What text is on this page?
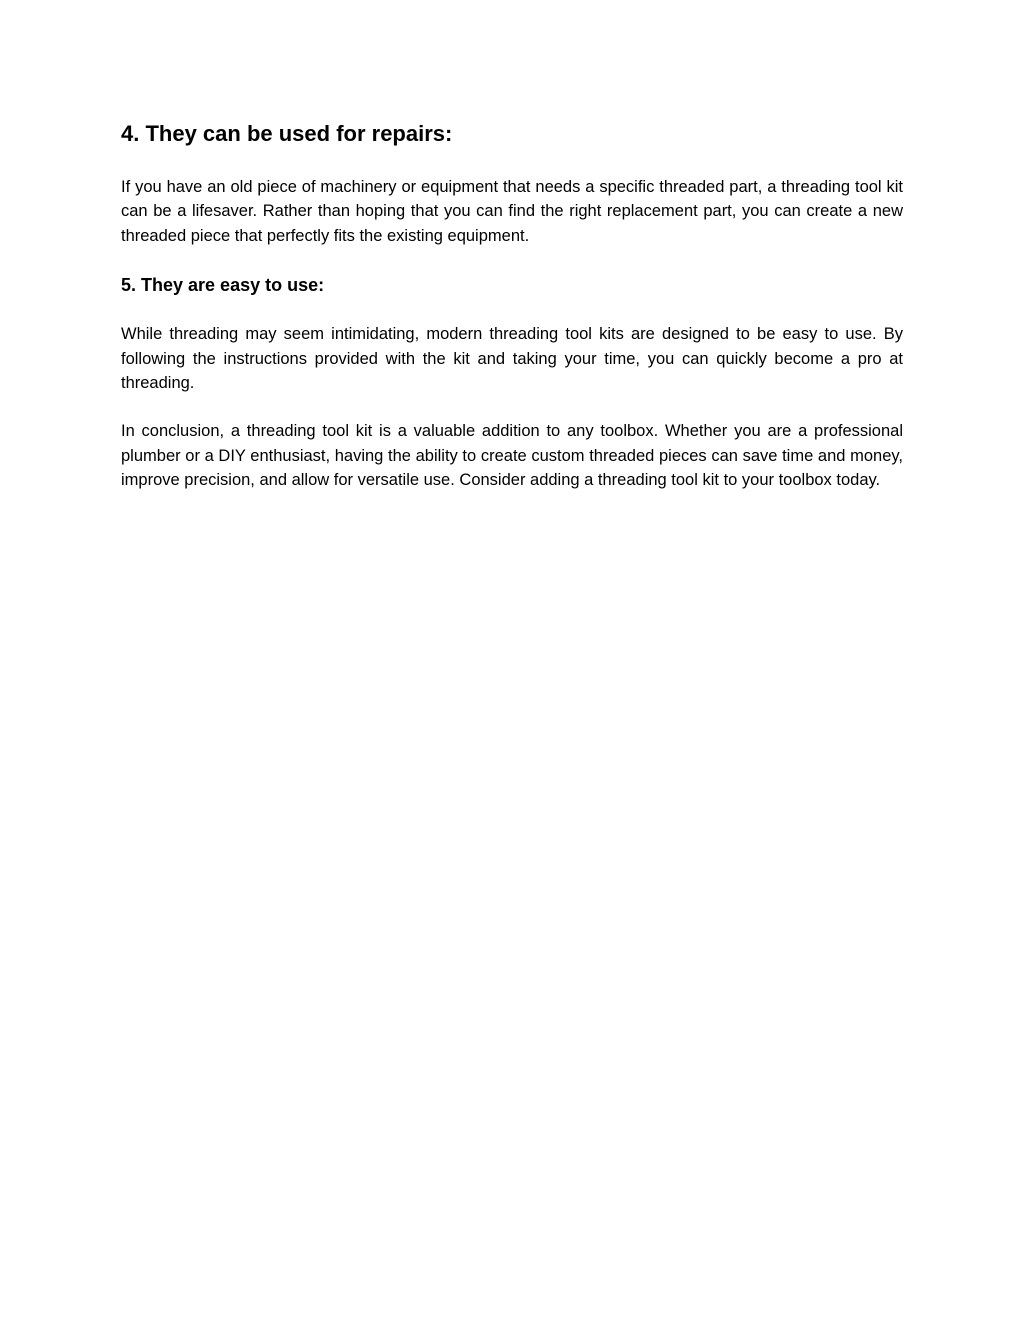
4. They can be used for repairs:

If you have an old piece of machinery or equipment that needs a specific threaded part, a threading tool kit can be a lifesaver. Rather than hoping that you can find the right replacement part, you can create a new threaded piece that perfectly fits the existing equipment.

5. They are easy to use:

While threading may seem intimidating, modern threading tool kits are designed to be easy to use. By following the instructions provided with the kit and taking your time, you can quickly become a pro at threading.

In conclusion, a threading tool kit is a valuable addition to any toolbox. Whether you are a professional plumber or a DIY enthusiast, having the ability to create custom threaded pieces can save time and money, improve precision, and allow for versatile use. Consider adding a threading tool kit to your toolbox today.
